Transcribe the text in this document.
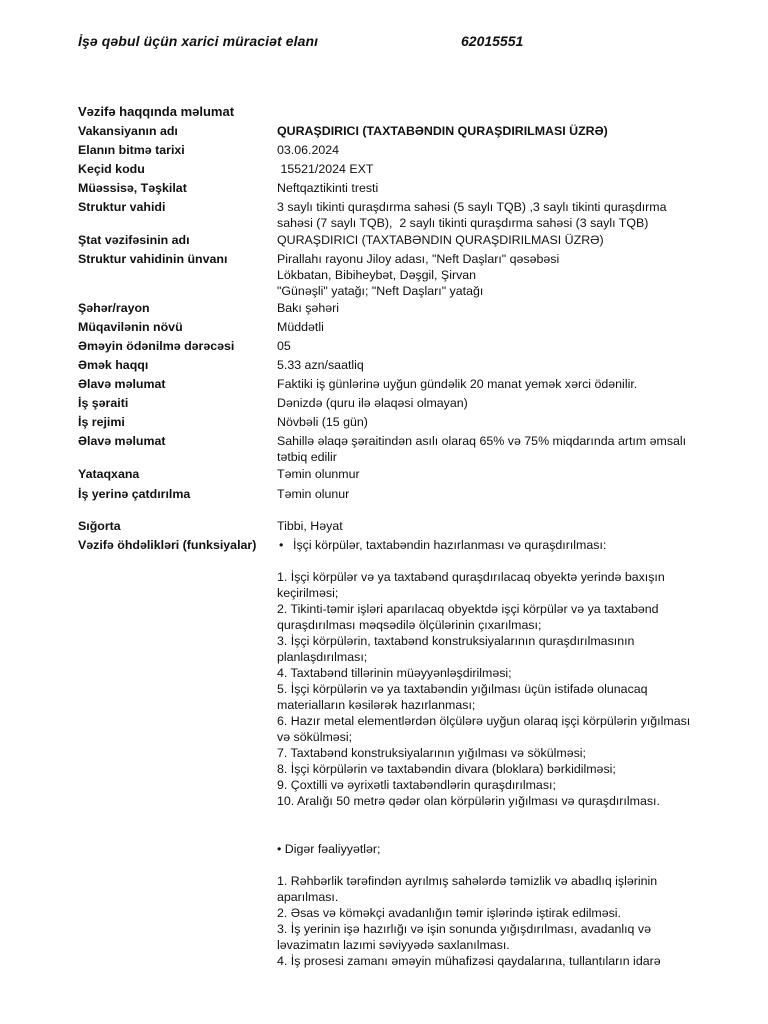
İşə qəbul üçün xarici müraciət elanı	62015551
Vəzifə haqqında məlumat
Vakansiyanın adı	QURAŞDIRICI (TAXTABƏNDIN QURAŞDIRILMASI ÜZRƏ)
Elanın bitmə tarixi	03.06.2024
Keçid kodu	15521/2024 EXT
Müəssisə, Təşkilat	Neftqaztikinti tresti
Struktur vahidi	3 saylı tikinti quraşdırma sahəsi (5 saylı TQB) ,3 saylı tikinti quraşdırma
sahəsi (7 saylı TQB),  2 saylı tikinti quraşdırma sahəsi (3 saylı TQB)
Ştat vəzifəsinin adı	QURAŞDIRICI (TAXTABƏNDIN QURAŞDIRILMASI ÜZRƏ)
Struktur vahidinin ünvanı	Pirallahı rayonu Jiloy adası, "Neft Daşları" qəsəbəsi
Lökbatan, Bibiheybət, Dəşgil, Şirvan
"Günəşli" yatağı; "Neft Daşları" yatağı
Şəhər/rayon	Bakı şəhəri
Müqavilənin növü	Müddətli
Əməyin ödənilmə dərəcəsi	05
Əmək haqqı	5.33 azn/saatliq
Əlavə məlumat	Faktiki iş günlərinə uyğun gündəlik 20 manat yemək xərci ödənilir.
İş şəraiti	Dənizdə (quru ilə əlaqəsi olmayan)
İş rejimi	Növbəli (15 gün)
Əlavə məlumat	Sahillə əlaqə şəraitindən asılı olaraq 65% və 75% miqdarında artım əmsalı
tətbiq edilir
Yataqxana	Təmin olunmur
İş yerinə çatdırılma	Təmin olunur
Sığorta	Tibbi, Həyat
Vəzifə öhdəlikləri (funksiyalar)	• İşçi körpülər, taxtabəndin hazırlanması və quraşdırılması:
1. İşçi körpülər və ya taxtabənd quraşdırılacaq obyektə yerində baxışın
keçirilməsi;
2. Tikinti-təmir işləri aparılacaq obyektdə işçi körpülər və ya taxtabənd
quraşdırılması məqsədilə ölçülərinin çıxarılması;
3. İşçi körpülərin, taxtabənd konstruksiyalarının quraşdırılmasının
planlaşdırılması;
4. Taxtabənd tillərinin müəyyənləşdirilməsi;
5. İşçi körpülərin və ya taxtabəndin yığılması üçün istifadə olunacaq
materialların kəsilərək hazırlanması;
6. Hazır metal elementlərdən ölçülərə uyğun olaraq işçi körpülərin yığılması
və sökülməsi;
7. Taxtabənd konstruksiyalarının yığılması və sökülməsi;
8. İşçi körpülərin və taxtabəndin divara (bloklara) bərkidilməsi;
9. Çoxtilli və əyrixətli taxtabəndlərin quraşdırılması;
10. Aralığı 50 metrə qədər olan körpülərin yığılması və quraşdırılması.
• Digər fəaliyyətlər;
1. Rəhbərlik tərəfindən ayrılmış sahələrdə təmizlik və abadlıq işlərinin
aparılması.
2. Əsas və köməkçi avadanlığın təmir işlərində iştirak edilməsi.
3. İş yerinin işə hazırlığı və işin sonunda yığışdırılması, avadanlıq və
ləvazimatın lazımi səviyyədə saxlanılması.
4. İş prosesi zamanı əməyin mühafizəsi qaydalarına, tullantıların idarə
